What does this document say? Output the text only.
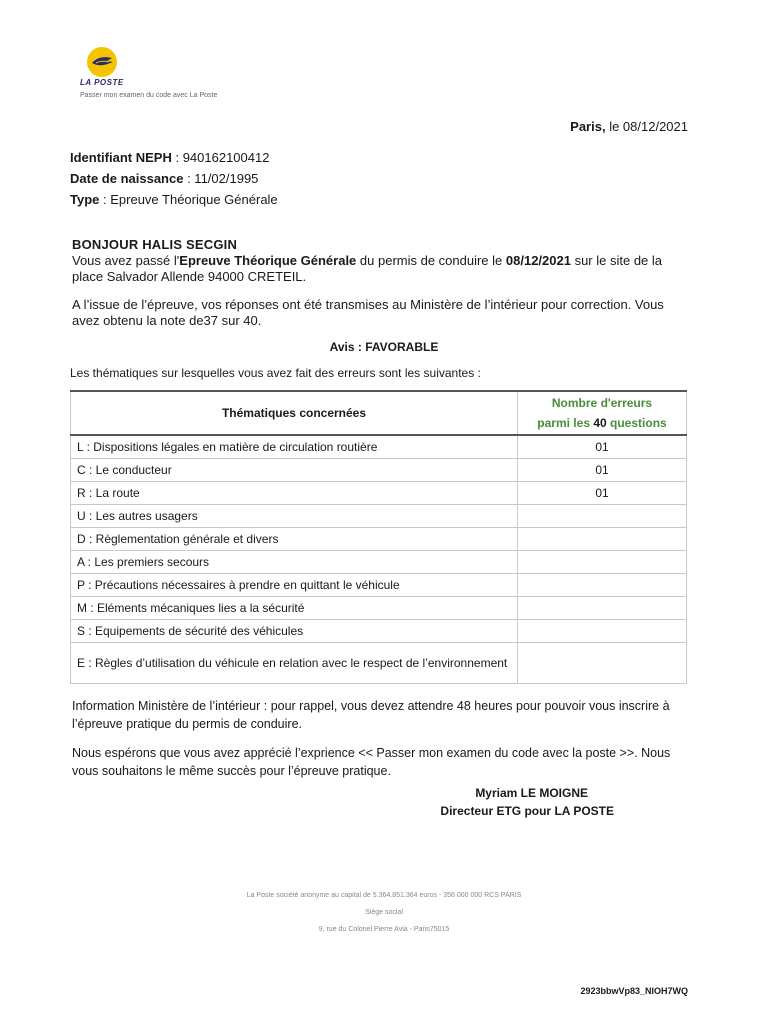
LA POSTE
Passer mon examen du code avec La Poste
Paris, le 08/12/2021
Identifiant NEPH : 940162100412
Date de naissance : 11/02/1995
Type : Epreuve Théorique Générale
BONJOUR HALIS SECGIN
Vous avez passé l'Epreuve Théorique Générale du permis de conduire le 08/12/2021 sur le site de la place Salvador Allende 94000 CRETEIL.
A l’issue de l’épreuve, vos réponses ont été transmises au Ministère de l’intérieur pour correction. Vous avez obtenu la note de37 sur 40.
Avis : FAVORABLE
Les thématiques sur lesquelles vous avez fait des erreurs sont les suivantes :
Thématiques concernées	Nombre d'erreurs
parmi les 40 questions
L : Dispositions légales en matière de circulation routière	01
C : Le conducteur	01
R : La route	01
U : Les autres usagers	
D : Règlementation générale et divers	
A : Les premiers secours	
P : Précautions nécessaires à prendre en quittant le véhicule	
M : Eléments mécaniques lies a la sécurité	
S : Equipements de sécurité des véhicules	
E : Règles d’utilisation du véhicule en relation avec le respect de l’environnement	
Information Ministère de l’intérieur : pour rappel, vous devez attendre 48 heures pour pouvoir vous inscrire à l’épreuve pratique du permis de conduire.
Nous espérons que vous avez apprécié l’exprience << Passer mon examen du code avec la poste >>. Nous vous souhaitons le même succès pour l’épreuve pratique.
Myriam LE MOIGNE
Directeur ETG pour LA POSTE
La Poste société anonyme au capital de 5.364.851.364 euros - 356 000 000 RCS PARIS
Siège social
9, rue du Colonel Pierre Avia - Paris75015
2923bbwVp83_NIOH7WQ
